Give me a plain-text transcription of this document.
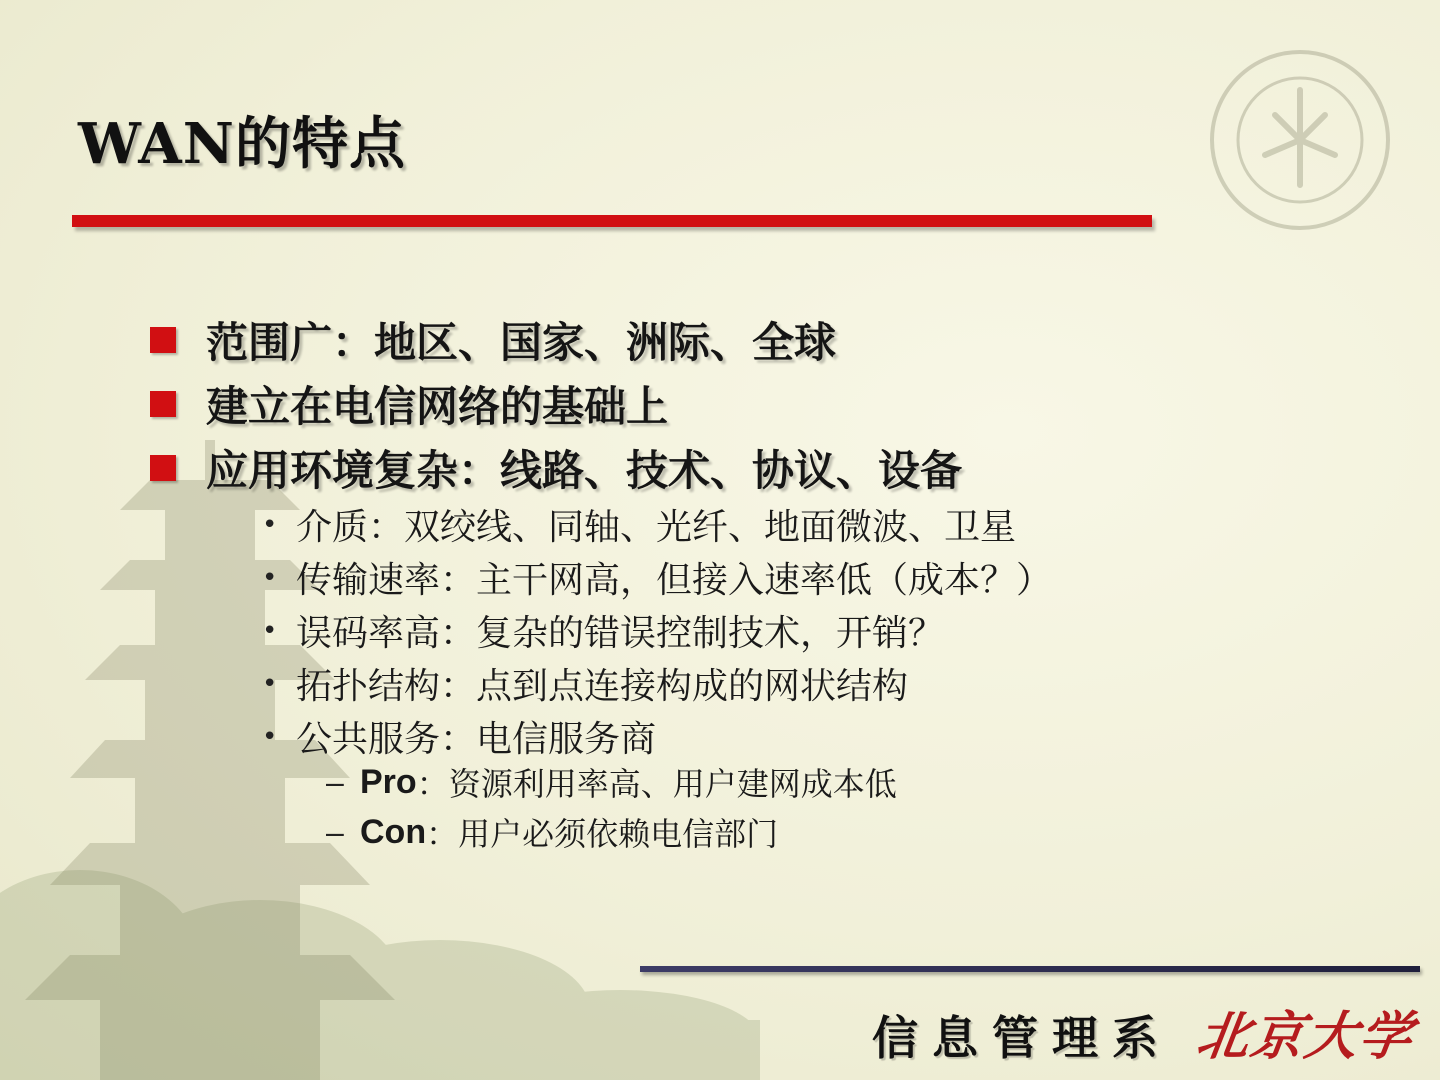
WAN的特点
范围广：地区、国家、洲际、全球
建立在电信网络的基础上
应用环境复杂：线路、技术、协议、设备
• 介质：双绞线、同轴、光纤、地面微波、卫星
• 传输速率：主干网高，但接入速率低（成本？）
• 误码率高：复杂的错误控制技术，开销？
• 拓扑结构：点到点连接构成的网状结构
• 公共服务：电信服务商
– Pro ：资源利用率高、用户建网成本低
– Con ：用户必须依赖电信部门

信息管理系 北京大学
